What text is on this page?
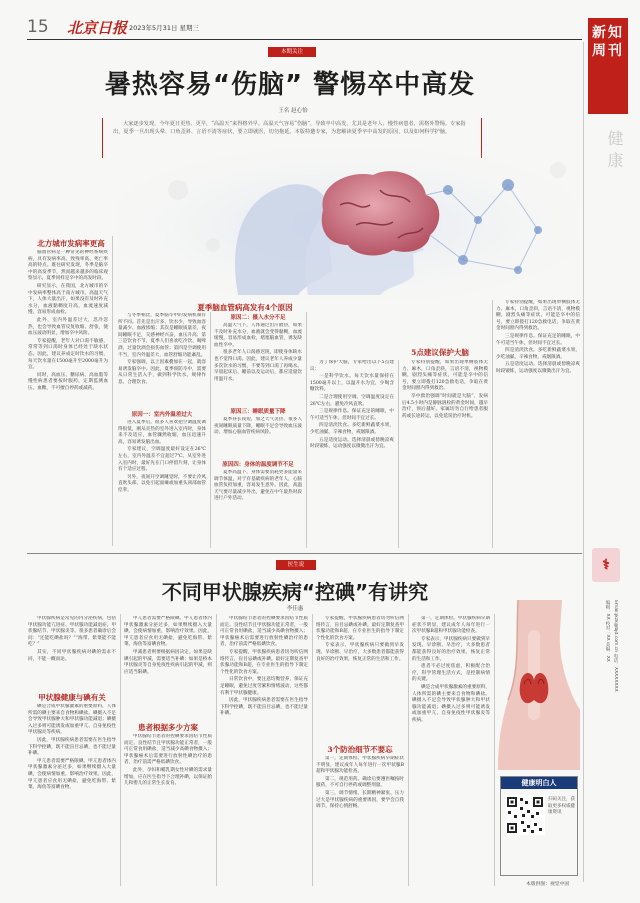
15 北京日报 2023年5月31日 星期三	新知
周刊
健康
⚕
编辑：XX 校对：XX 美编：XX Email:jkzk@bjd.com.cn 电话：XXXXXXXX
本期关注
暑热容易“伤脑” 警惕卒中高发
王名 赵心怡
大家逐步发现，今年夏日更热、更早，“高温天”来得格外早。高温天气容易“伤脑”，导致卒中高发，尤其是老年人、慢性病患者，需格外警惕。专家指出，夏季一旦出现头晕、口角歪斜、言语不清等症状，要立即就医，切勿拖延。本版特邀专家，为您解读夏季卒中高发的原因，以及如何科学护脑。
北方城市发病率更高

脑血管病是一种常见的神经系统疾病，具有发病率高、致残率高、死亡率高的特点。既往研究发现，冬季是脑卒中的高发季节，然而越来越多的临床观察显示，夏季同样是卒中的高发时段。

研究显示，在我国，北方城市的卒中发病率整体高于南方城市。高温天气下，人体大量出汗，如果没有及时补充水分，血液黏稠度升高，血流速度减慢，容易形成血栓。

此外，室内外温差过大，忽冷忽热，也会导致血管反复收缩、舒张，使血压波动明显，增加卒中风险。

专家提醒，老年人对口渴不敏感，常常等到口渴时身体已经处于缺水状态。因此，建议养成定时饮水的习惯，每天饮水量在1500毫升至2000毫升为宜。

同时，高血压、糖尿病、高血脂等慢性病患者要按时服药，定期监测血压、血糖，不可擅自停药或减药。

夏季脑血管病高发有4个原因

与冬季相比，夏季脑卒中的发病机制有所不同。首先是出汗多、饮水少，导致血容量减少、血液浓缩；其次是睡眠质量差，夜间睡眠不足，交感神经兴奋，血压升高；第三是饮食不节，夏季人们喜欢吃冷饮、喝啤酒，过量饮酒会损伤血管；第四是空调使用不当，室内外温差大，血管舒缩功能紊乱。

专家强调，以上因素叠加在一起，就容易诱发脑卒中。因此，夏季预防卒中，需要从日常生活入手，做到科学饮水、规律作息、合理饮食。

原因一：室内外温差过大

进入夏季后，很多人喜欢把空调温度调得很低，刚从炎热的室外进入室内时，身体来不及适应，血管骤然收缩，血压迅速升高，容易诱发脑出血。

专家建议，空调温度最好设定在26℃左右，室内外温差不宜超过7℃。从室外进入室内时，最好先在门口停留片刻，让身体有个适应过程。

另外，夜间开空调睡觉时，不要让冷风直吹头部，以免引起面瘫或加重头颈部血管痉挛。

原因二：摄入水分不足

高温天气下，人体通过出汗散热，如果不及时补充水分，血液就会变得黏稠，血流缓慢，容易形成血栓，堵塞脑血管，诱发缺血性卒中。

很多老年人口渴感迟钝，即使身体缺水也不觉得口渴。因此，建议老年人养成少量多次饮水的习惯，不要等到口渴了再喝水。早晨起床后、睡前以及运动后，都应适量饮用温开水。

原因三：睡眠质量下降

夏季昼长夜短，加之天气炎热，很多人夜间睡眠质量下降，睡眠不足会导致血压波动，增加心脑血管疾病风险。

原因四：身体的温度调节不足

夏季高温下，身体需要消耗更多能量来调节体温，对于有基础疾病的老年人，心脑血管负担加重，容易发生意外。因此，高温天气要尽量减少外出，避免在中午最热时段进行户外活动。

5点建议保护大脑

为了保护大脑，专家给出以下5点建议：

一是科学饮水。每天饮水量保持在1500毫升以上，以温开水为宜，少喝含糖饮料。

二是合理使用空调。空调温度设定在26℃左右，避免冷风直吹。

三是规律作息。保证充足的睡眠，中午可适当午休，但时间不宜过长。

四是清淡饮食。多吃新鲜蔬菜水果，少吃油腻、辛辣食物，戒烟限酒。

五是适度运动。选择清晨或傍晚凉爽时段锻炼，运动强度以微微出汗为宜。

专家特别提醒，如果出现单侧肢体无力、麻木，口角歪斜，言语不清，视物模糊，剧烈头痛等症状，可能是卒中的信号，要立即拨打120急救电话，争取在黄金时间窗内得到救治。

卒中救治强调“时间就是大脑”，发病后4.5小时内是静脉溶栓的黄金时间，越早治疗，预后越好。家属切勿自行给患者服药或长途转运，以免延误治疗时机。

专家特别提醒，如果出现单侧肢体无力、麻木，口角歪斜，言语不清，视物模糊，剧烈头痛等症状，可能是卒中的信号，要立即拨打120急救电话，争取在黄金时间窗内得到救治。

三是规律作息。保证充足的睡眠，中午可适当午休，但时间不宜过长。

四是清淡饮食。多吃新鲜蔬菜水果，少吃油腻、辛辣食物，戒烟限酒。

五是适度运动。选择清晨或傍晚凉爽时段锻炼，运动强度以微微出汗为宜。

医生说
不同甲状腺疾病“控碘”有讲究
李佳惠

甲状腺疾病是常见的内分泌疾病，包括甲状腺功能亢进症、甲状腺功能减退症、甲状腺结节、甲状腺炎等。很多患者确诊后会问：“还能吃碘盐吗？”“海带、紫菜能不能吃？”

其实，不同甲状腺疾病对碘的需求不同，不能一概而论。

甲状腺健康与碘有关

碘是合成甲状腺激素的重要原料，人体所需的碘主要来自食物和碘盐。碘摄入不足会导致甲状腺肿大和甲状腺功能减退；碘摄入过多则可能诱发或加重甲亢、自身免疫性甲状腺炎等疾病。

因此，甲状腺疾病患者需要在医生指导下科学控碘，既不能盲目忌碘，也不能过量补碘。

甲亢患者需要严格限碘。甲亢患者体内甲状腺激素分泌过多，如果继续摄入大量碘，会使病情加重，影响治疗效果。因此，甲亢患者应食用无碘盐，避免吃海带、紫菜、海鱼等富碘食物。

甲亢患者需要严格限碘。甲亢患者体内甲状腺激素分泌过多，如果继续摄入大量碘，会使病情加重，影响治疗效果。因此，甲亢患者应食用无碘盐，避免吃海带、紫菜、海鱼等富碘食物。

甲减患者则要根据病因决定。如果是缺碘引起的甲减，需要适当补碘；如果是桥本甲状腺炎等自身免疫性疾病引起的甲减，则应适当限碘。

患者根据多少方案

甲状腺结节患者的控碘要求因结节性质而定。良性结节且甲状腺功能正常者，一般可正常食用碘盐，适当减少高碘食物摄入；甲状腺癌术后需要进行放射性碘治疗的患者，治疗前需严格低碘饮食。

此外，孕妇和哺乳期女性对碘的需求量增加，应在医生指导下合理补碘，以保证胎儿和婴儿的正常生长发育。

甲状腺结节患者的控碘要求因结节性质而定。良性结节且甲状腺功能正常者，一般可正常食用碘盐，适当减少高碘食物摄入；甲状腺癌术后需要进行放射性碘治疗的患者，治疗前需严格低碘饮食。

专家提醒，甲状腺疾病患者切勿听信网络传言，盲目忌碘或补碘。最好定期复查甲状腺功能和B超，在专业医生的指导下制定个性化的饮食方案。

日常饮食中，要注意均衡营养，保证充足睡眠，避免过度劳累和情绪波动，这些都有利于甲状腺健康。

因此，甲状腺疾病患者需要在医生指导下科学控碘，既不能盲目忌碘，也不能过量补碘。

专家提醒，甲状腺疾病患者切勿听信网络传言，盲目忌碘或补碘。最好定期复查甲状腺功能和B超，在专业医生的指导下制定个性化的饮食方案。

专家表示，甲状腺疾病只要做到早发现、早诊断、早治疗，大多数患者都能获得良好的治疗效果，恢复正常的生活和工作。

3个防治细节不要忘

第一，定期体检。甲状腺疾病早期症状不明显，建议成年人每年进行一次甲状腺B超和甲状腺功能检查。

第二，规范用药。确诊后要遵医嘱按时服药，不可自行停药或调整剂量。

第三，调节情绪。长期精神紧张、压力过大是甲状腺疾病的重要诱因，要学会自我调节，保持心情舒畅。

第一，定期体检。甲状腺疾病早期症状不明显，建议成年人每年进行一次甲状腺B超和甲状腺功能检查。

专家表示，甲状腺疾病只要做到早发现、早诊断、早治疗，大多数患者都能获得良好的治疗效果，恢复正常的生活和工作。

患者不必过度焦虑，积极配合治疗，科学管理生活方式，是控制病情的关键。

碘是合成甲状腺激素的重要原料，人体所需的碘主要来自食物和碘盐。碘摄入不足会导致甲状腺肿大和甲状腺功能减退；碘摄入过多则可能诱发或加重甲亢、自身免疫性甲状腺炎等疾病。

健康明白人
扫码关注，获取更多权威健康资讯
本版供图：视觉中国
